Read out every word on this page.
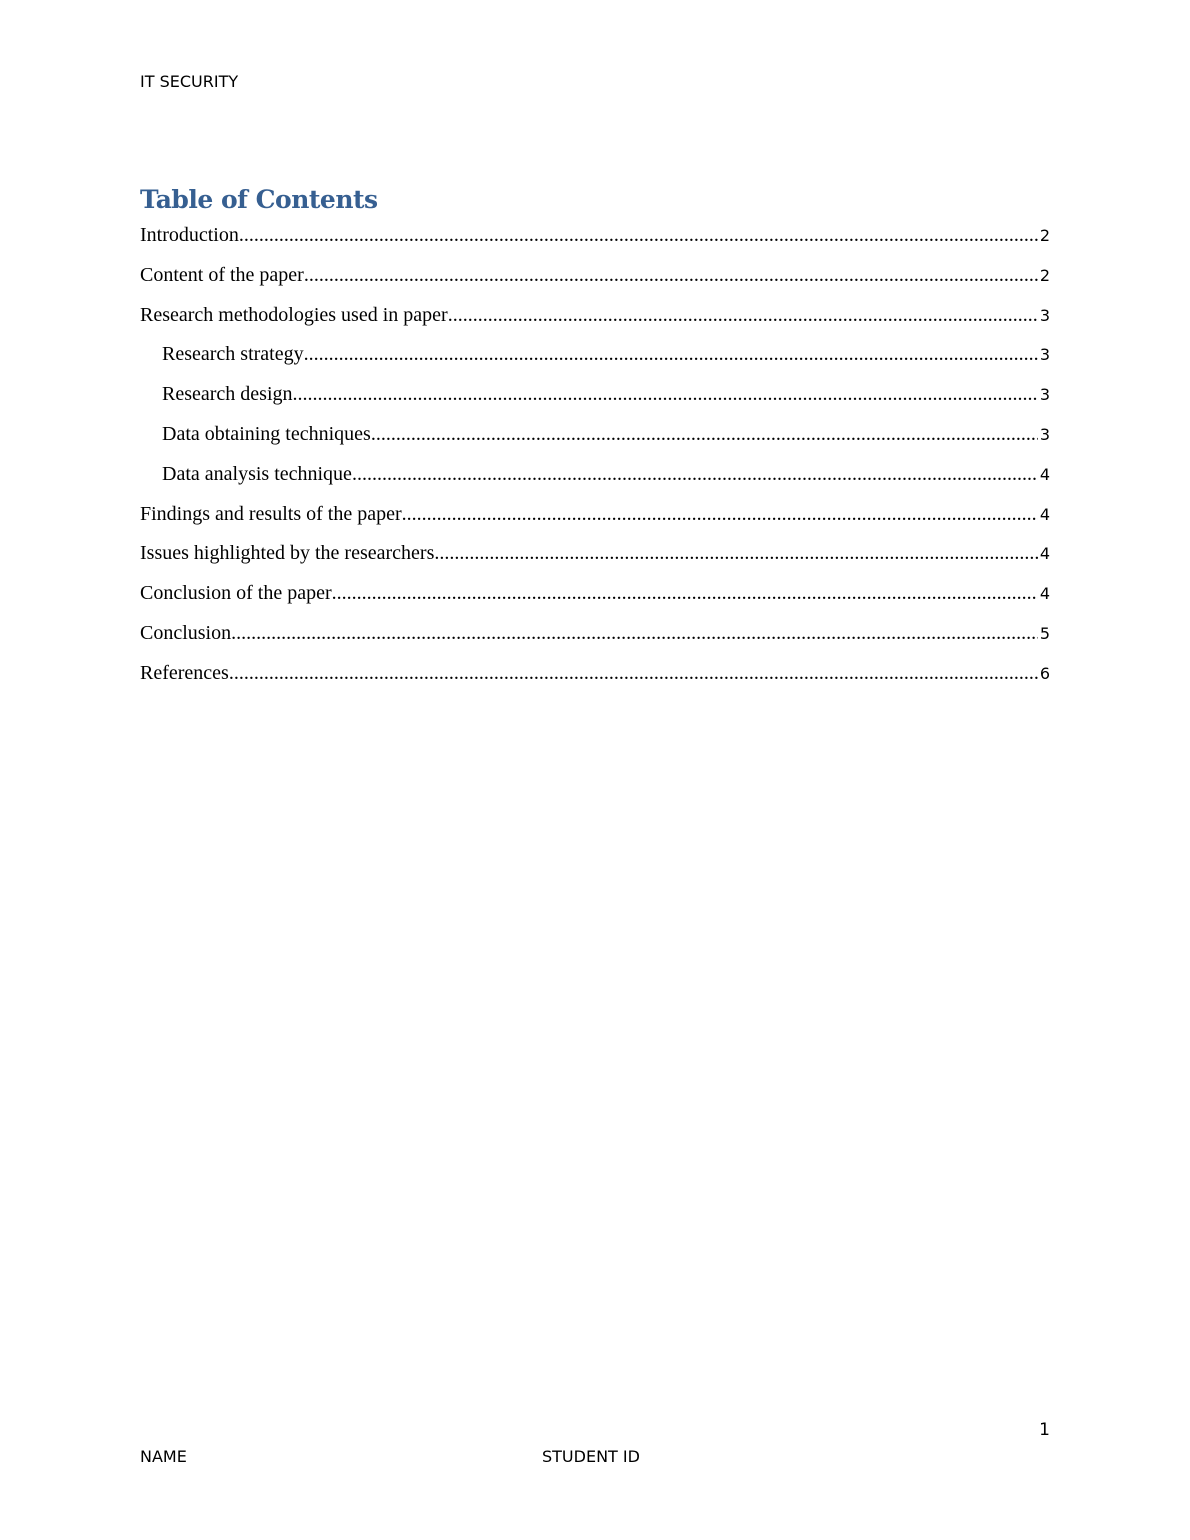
IT SECURITY
Table of Contents
Introduction .....	2
Content of the paper .....	2
Research methodologies used in paper .....	3
Research strategy .....	3
Research design .....	3
Data obtaining techniques .....	3
Data analysis technique .....	4
Findings and results of the paper .....	4
Issues highlighted by the researchers .....	4
Conclusion of the paper .....	4
Conclusion .....	5
References .....	6
1
NAME	STUDENT ID
